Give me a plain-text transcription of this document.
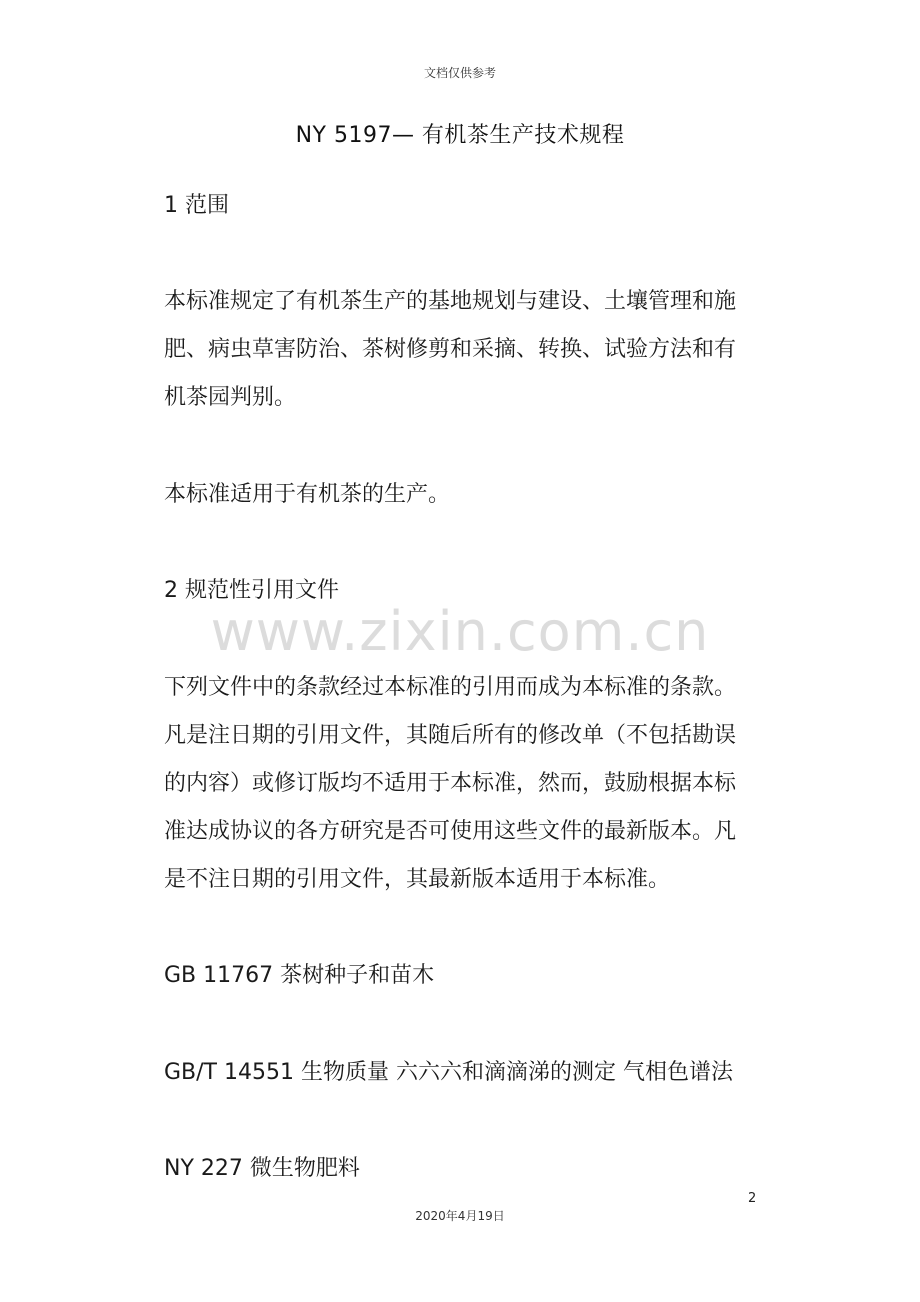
文档仅供参考
NY 5197— 有机茶生产技术规程
1 范围
本标准规定了有机茶生产的基地规划与建设、土壤管理和施肥、病虫草害防治、茶树修剪和采摘、转换、试验方法和有机茶园判别。
本标准适用于有机茶的生产。
2 规范性引用文件
www.zixin.com.cn
下列文件中的条款经过本标准的引用而成为本标准的条款。凡是注日期的引用文件，其随后所有的修改单（不包括勘误的内容）或修订版均不适用于本标准，然而，鼓励根据本标准达成协议的各方研究是否可使用这些文件的最新版本。凡是不注日期的引用文件，其最新版本适用于本标准。
GB 11767 茶树种子和苗木
GB/T 14551 生物质量 六六六和滴滴涕的测定 气相色谱法
NY 227 微生物肥料
2
2020年4月19日
